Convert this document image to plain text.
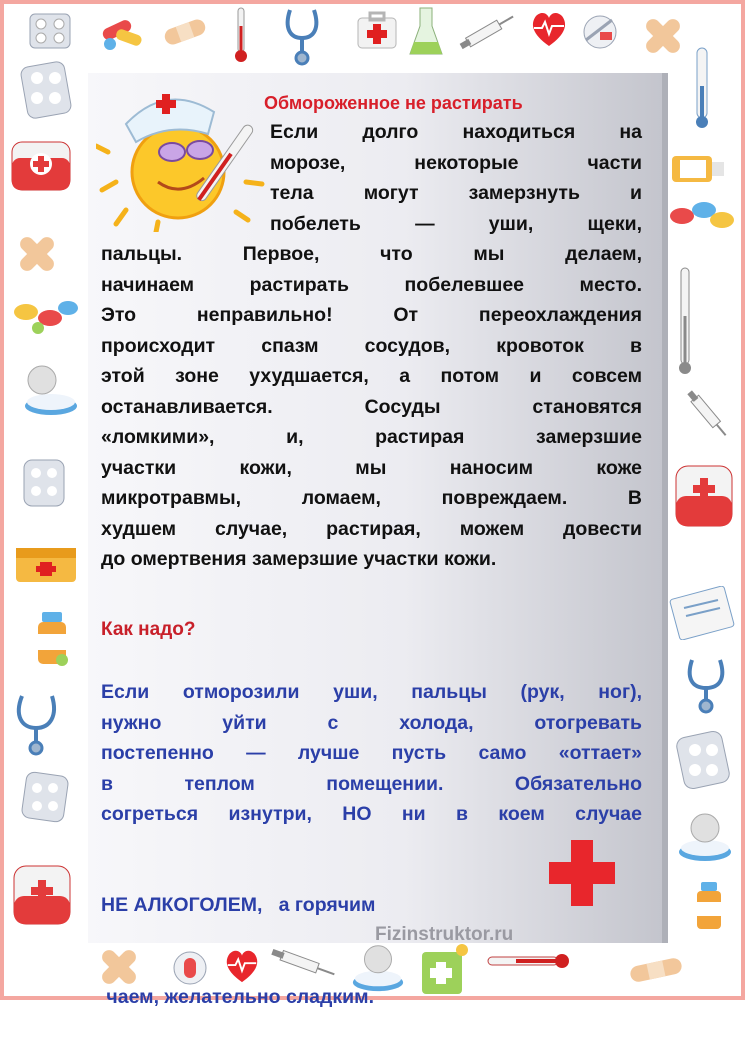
Обмороженное не растирать
Если долго находиться на
морозе, некоторые части
тела могут замерзнуть и
побелеть — уши, щеки,
пальцы. Первое, что мы делаем,
начинаем растирать побелевшее место.
Это неправильно! От переохлаждения
происходит спазм сосудов, кровоток в
этой зоне ухудшается, а потом и совсем
останавливается. Сосуды становятся
«ломкими», и, растирая замерзшие
участки кожи, мы наносим коже
микротравмы, ломаем, повреждаем. В
худшем случае, растирая, можем довести
до омертвения замерзшие участки кожи.
Как надо?
Если отморозили уши, пальцы (рук, ног),
нужно уйти с холода, отогревать
постепенно — лучше пусть само «оттает»
в теплом помещении. Обязательно
согреться изнутри, НО ни в коем случае

НЕ АЛКОГОЛЕМ,   а горячим

чаем, желательно сладким.

Fizinstruktor.ru
